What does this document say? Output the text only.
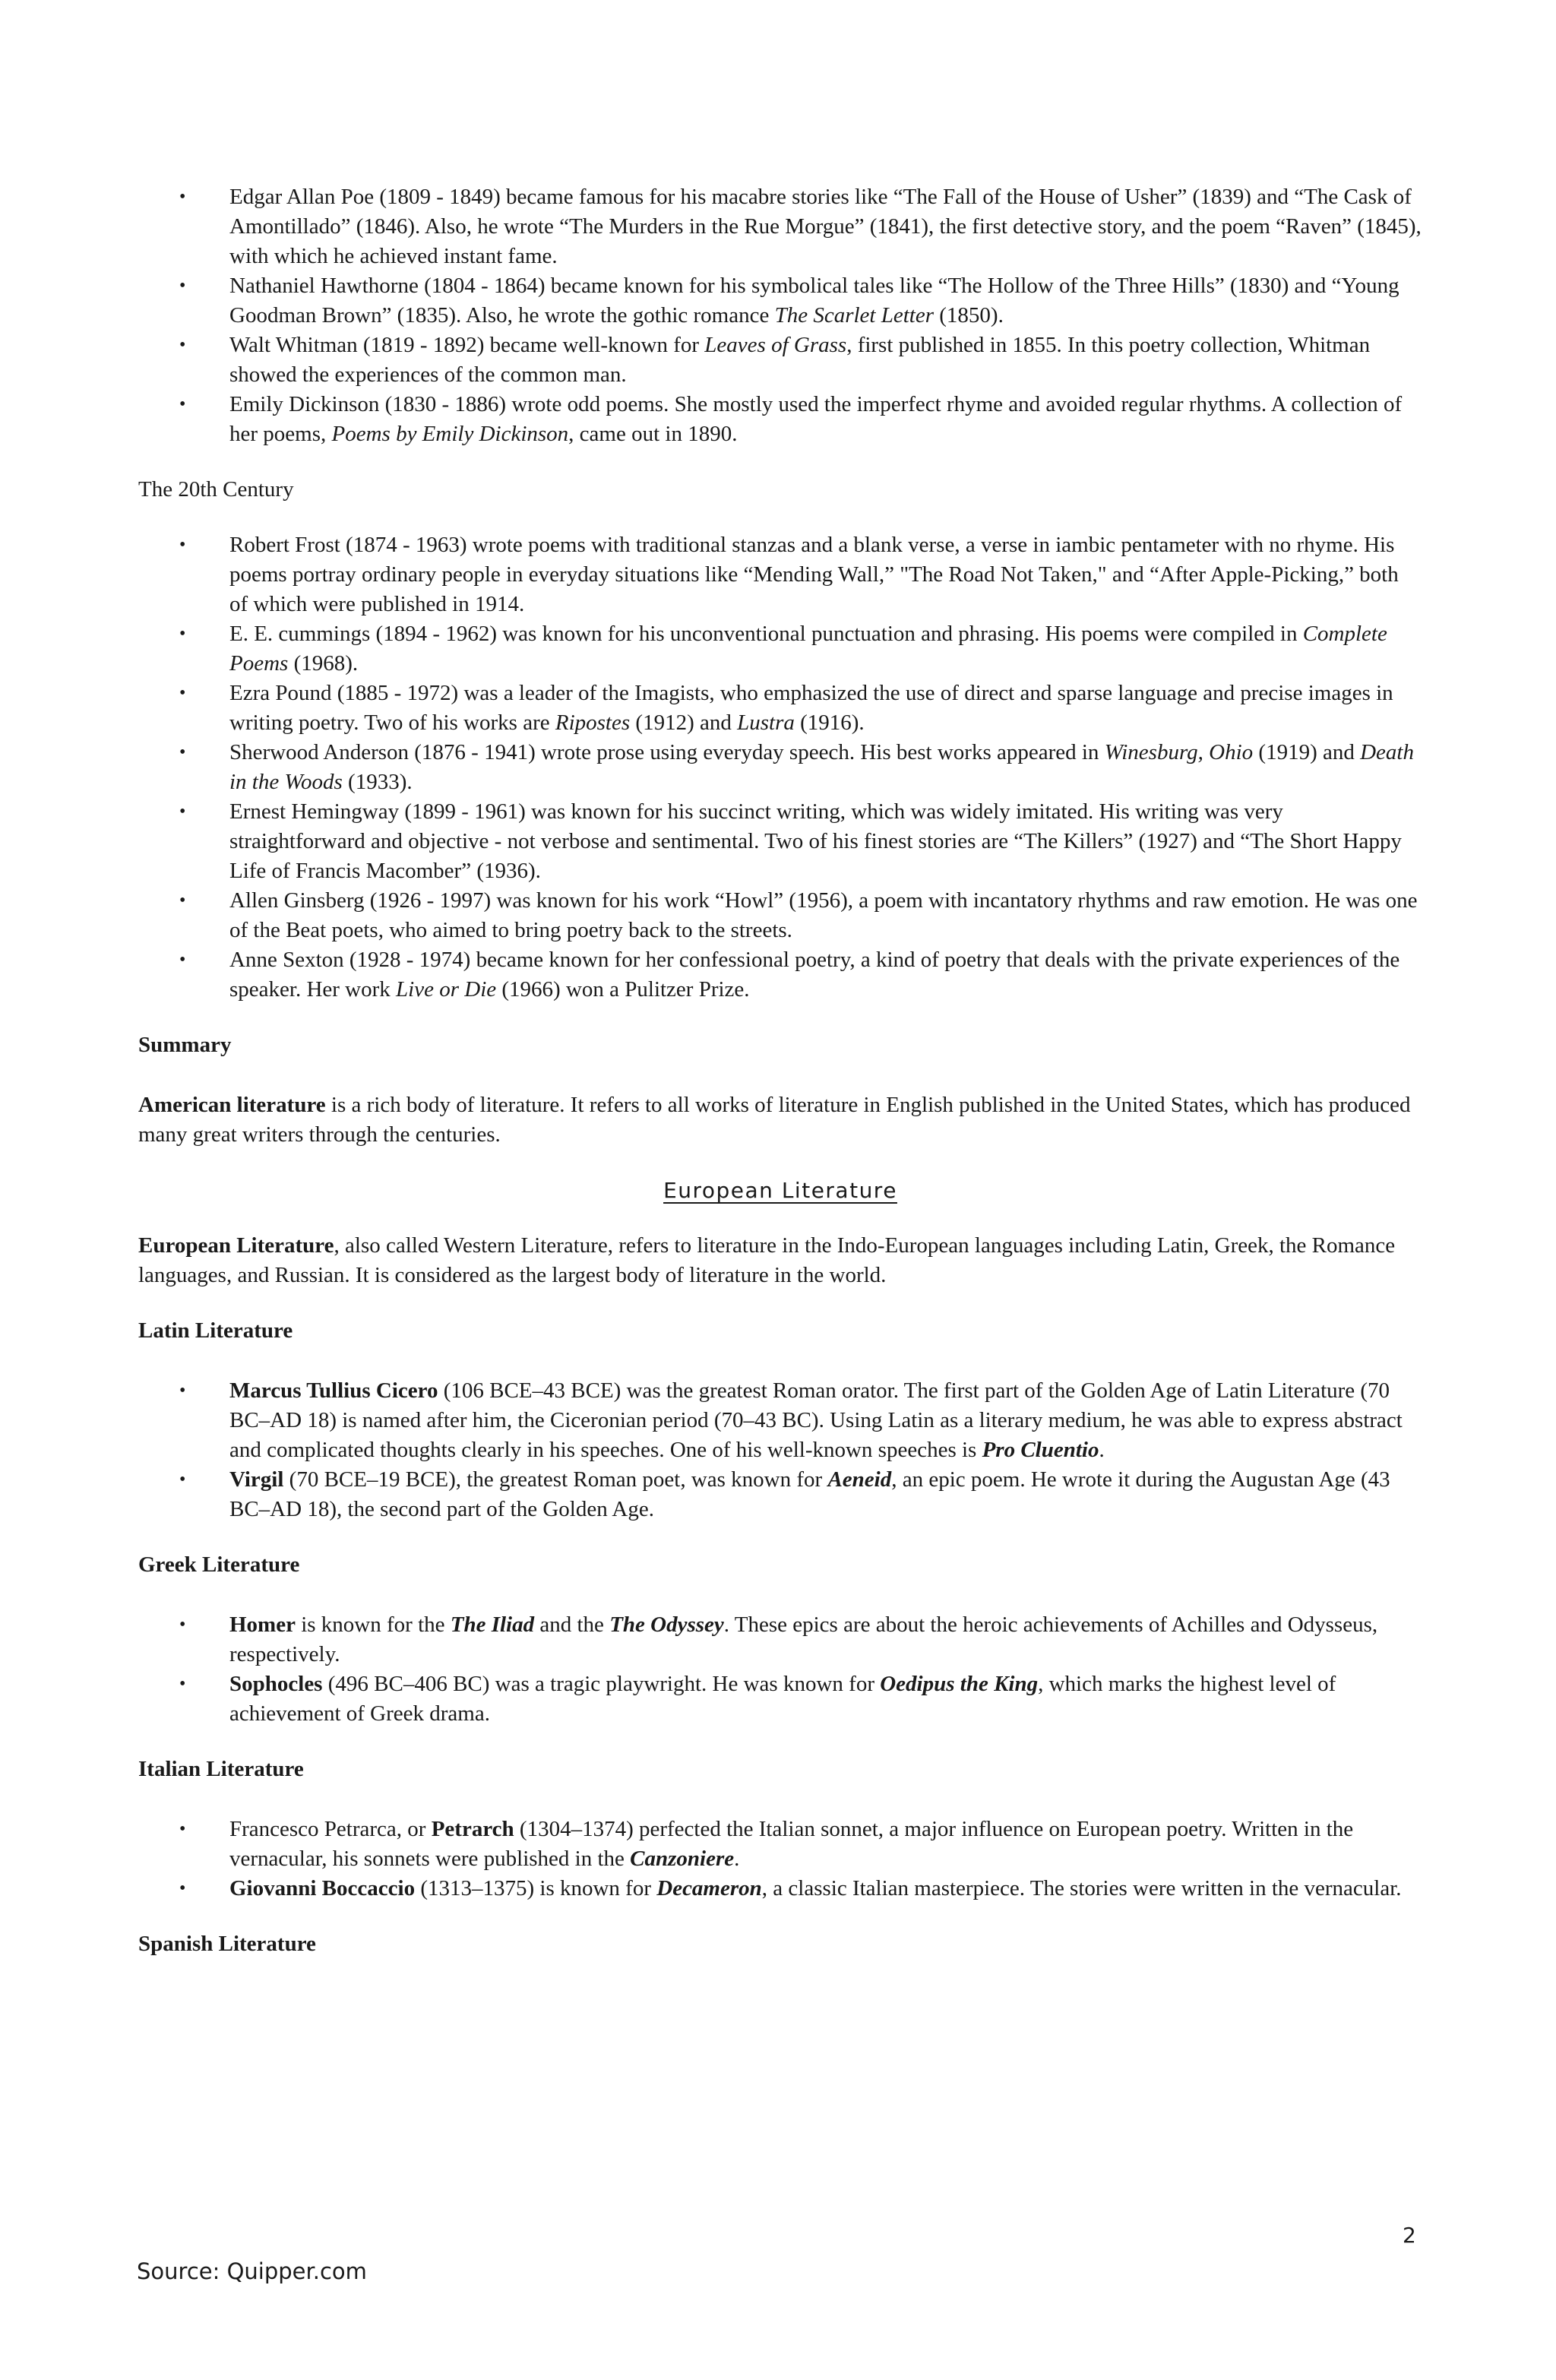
• Edgar Allan Poe (1809 - 1849) became famous for his macabre stories like “The Fall of the House of Usher” (1839) and “The Cask of Amontillado” (1846). Also, he wrote “The Murders in the Rue Morgue” (1841), the first detective story, and the poem “Raven” (1845), with which he achieved instant fame.
• Nathaniel Hawthorne (1804 - 1864) became known for his symbolical tales like “The Hollow of the Three Hills” (1830) and “Young Goodman Brown” (1835). Also, he wrote the gothic romance The Scarlet Letter (1850).
• Walt Whitman (1819 - 1892) became well-known for Leaves of Grass, first published in 1855. In this poetry collection, Whitman showed the experiences of the common man.
• Emily Dickinson (1830 - 1886) wrote odd poems. She mostly used the imperfect rhyme and avoided regular rhythms. A collection of her poems, Poems by Emily Dickinson, came out in 1890.

The 20th Century

• Robert Frost (1874 - 1963) wrote poems with traditional stanzas and a blank verse, a verse in iambic pentameter with no rhyme. His poems portray ordinary people in everyday situations like “Mending Wall,” "The Road Not Taken," and “After Apple-Picking,” both of which were published in 1914.
• E. E. cummings (1894 - 1962) was known for his unconventional punctuation and phrasing. His poems were compiled in Complete Poems (1968).
• Ezra Pound (1885 - 1972) was a leader of the Imagists, who emphasized the use of direct and sparse language and precise images in writing poetry. Two of his works are Ripostes (1912) and Lustra (1916).
• Sherwood Anderson (1876 - 1941) wrote prose using everyday speech. His best works appeared in Winesburg, Ohio (1919) and Death in the Woods (1933).
• Ernest Hemingway (1899 - 1961) was known for his succinct writing, which was widely imitated. His writing was very straightforward and objective - not verbose and sentimental. Two of his finest stories are “The Killers” (1927) and “The Short Happy Life of Francis Macomber” (1936).
• Allen Ginsberg (1926 - 1997) was known for his work “Howl” (1956), a poem with incantatory rhythms and raw emotion. He was one of the Beat poets, who aimed to bring poetry back to the streets.
• Anne Sexton (1928 - 1974) became known for her confessional poetry, a kind of poetry that deals with the private experiences of the speaker. Her work Live or Die (1966) won a Pulitzer Prize.

Summary

American literature is a rich body of literature. It refers to all works of literature in English published in the United States, which has produced many great writers through the centuries.

European Literature

European Literature, also called Western Literature, refers to literature in the Indo-European languages including Latin, Greek, the Romance languages, and Russian. It is considered as the largest body of literature in the world.

Latin Literature

• Marcus Tullius Cicero (106 BCE–43 BCE) was the greatest Roman orator. The first part of the Golden Age of Latin Literature (70 BC–AD 18) is named after him, the Ciceronian period (70–43 BC). Using Latin as a literary medium, he was able to express abstract and complicated thoughts clearly in his speeches. One of his well-known speeches is Pro Cluentio.
• Virgil (70 BCE–19 BCE), the greatest Roman poet, was known for Aeneid, an epic poem. He wrote it during the Augustan Age (43 BC–AD 18), the second part of the Golden Age.

Greek Literature

• Homer is known for the The Iliad and the The Odyssey. These epics are about the heroic achievements of Achilles and Odysseus, respectively.
• Sophocles (496 BC–406 BC) was a tragic playwright. He was known for Oedipus the King, which marks the highest level of achievement of Greek drama.

Italian Literature

• Francesco Petrarca, or Petrarch (1304–1374) perfected the Italian sonnet, a major influence on European poetry. Written in the vernacular, his sonnets were published in the Canzoniere.
• Giovanni Boccaccio (1313–1375) is known for Decameron, a classic Italian masterpiece. The stories were written in the vernacular.

Spanish Literature

2
Source: Quipper.com
